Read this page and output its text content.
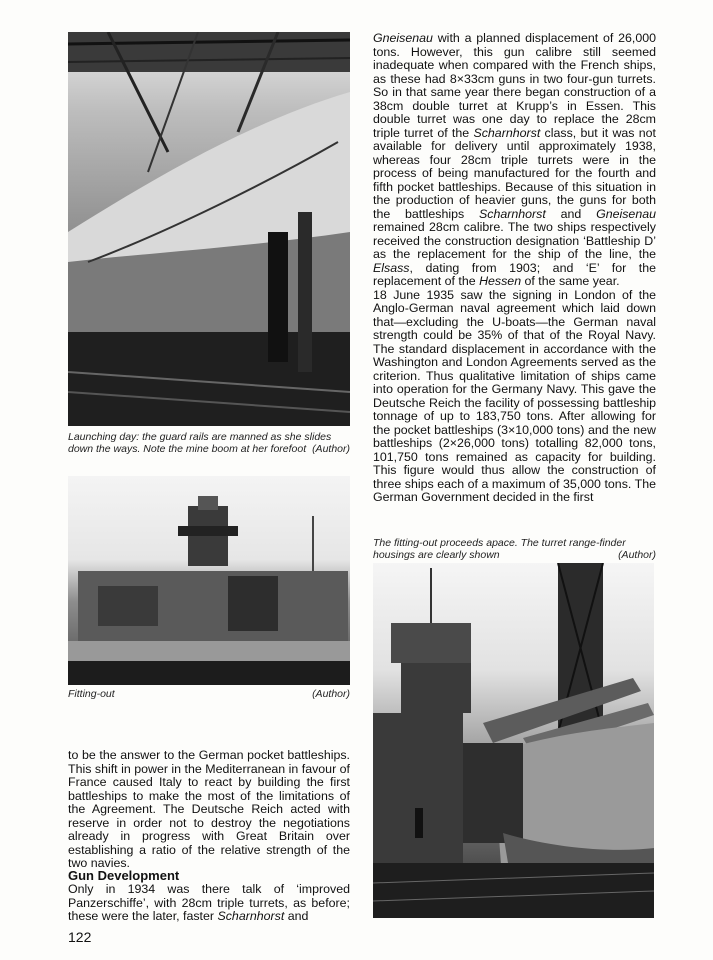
Launching day: the guard rails are manned as she slides down the ways. Note the mine boom at her forefoot (Author)

Fitting-out	(Author)

Gneisenau with a planned displacement of 26,000 tons. However, this gun calibre still seemed inadequate when compared with the French ships, as these had 8×33cm guns in two four-gun turrets. So in that same year there began construction of a 38cm double turret at Krupp’s in Essen. This double turret was one day to replace the 28cm triple turret of the Scharnhorst class, but it was not available for delivery until approximately 1938, whereas four 28cm triple turrets were in the process of being manufactured for the fourth and fifth pocket battleships. Because of this situation in the production of heavier guns, the guns for both the battleships Scharnhorst and Gneisenau remained 28cm calibre. The two ships respectively received the construction designation ‘Battleship D’ as the replacement for the ship of the line, the Elsass, dating from 1903; and ‘E’ for the replacement of the Hessen of the same year.

18 June 1935 saw the signing in London of the Anglo-German naval agreement which laid down that—excluding the U-boats—the German naval strength could be 35% of that of the Royal Navy. The standard displacement in accordance with the Washington and London Agreements served as the criterion. Thus qualitative limitation of ships came into operation for the Germany Navy. This gave the Deutsche Reich the facility of possessing battleship tonnage of up to 183,750 tons. After allowing for the pocket battleships (3×10,000 tons) and the new battleships (2×26,000 tons) totalling 82,000 tons, 101,750 tons remained as capacity for building. This figure would thus allow the construction of three ships each of a maximum of 35,000 tons. The German Government decided in the first

The fitting-out proceeds apace. The turret range-finder housings are clearly shown	(Author)

to be the answer to the German pocket battleships. This shift in power in the Mediterranean in favour of France caused Italy to react by building the first battleships to make the most of the limitations of the Agreement. The Deutsche Reich acted with reserve in order not to destroy the negotiations already in progress with Great Britain over establishing a ratio of the relative strength of the two navies.

Gun Development

Only in 1934 was there talk of ‘improved Panzerschiffe’, with 28cm triple turrets, as before; these were the later, faster Scharnhorst and

122
